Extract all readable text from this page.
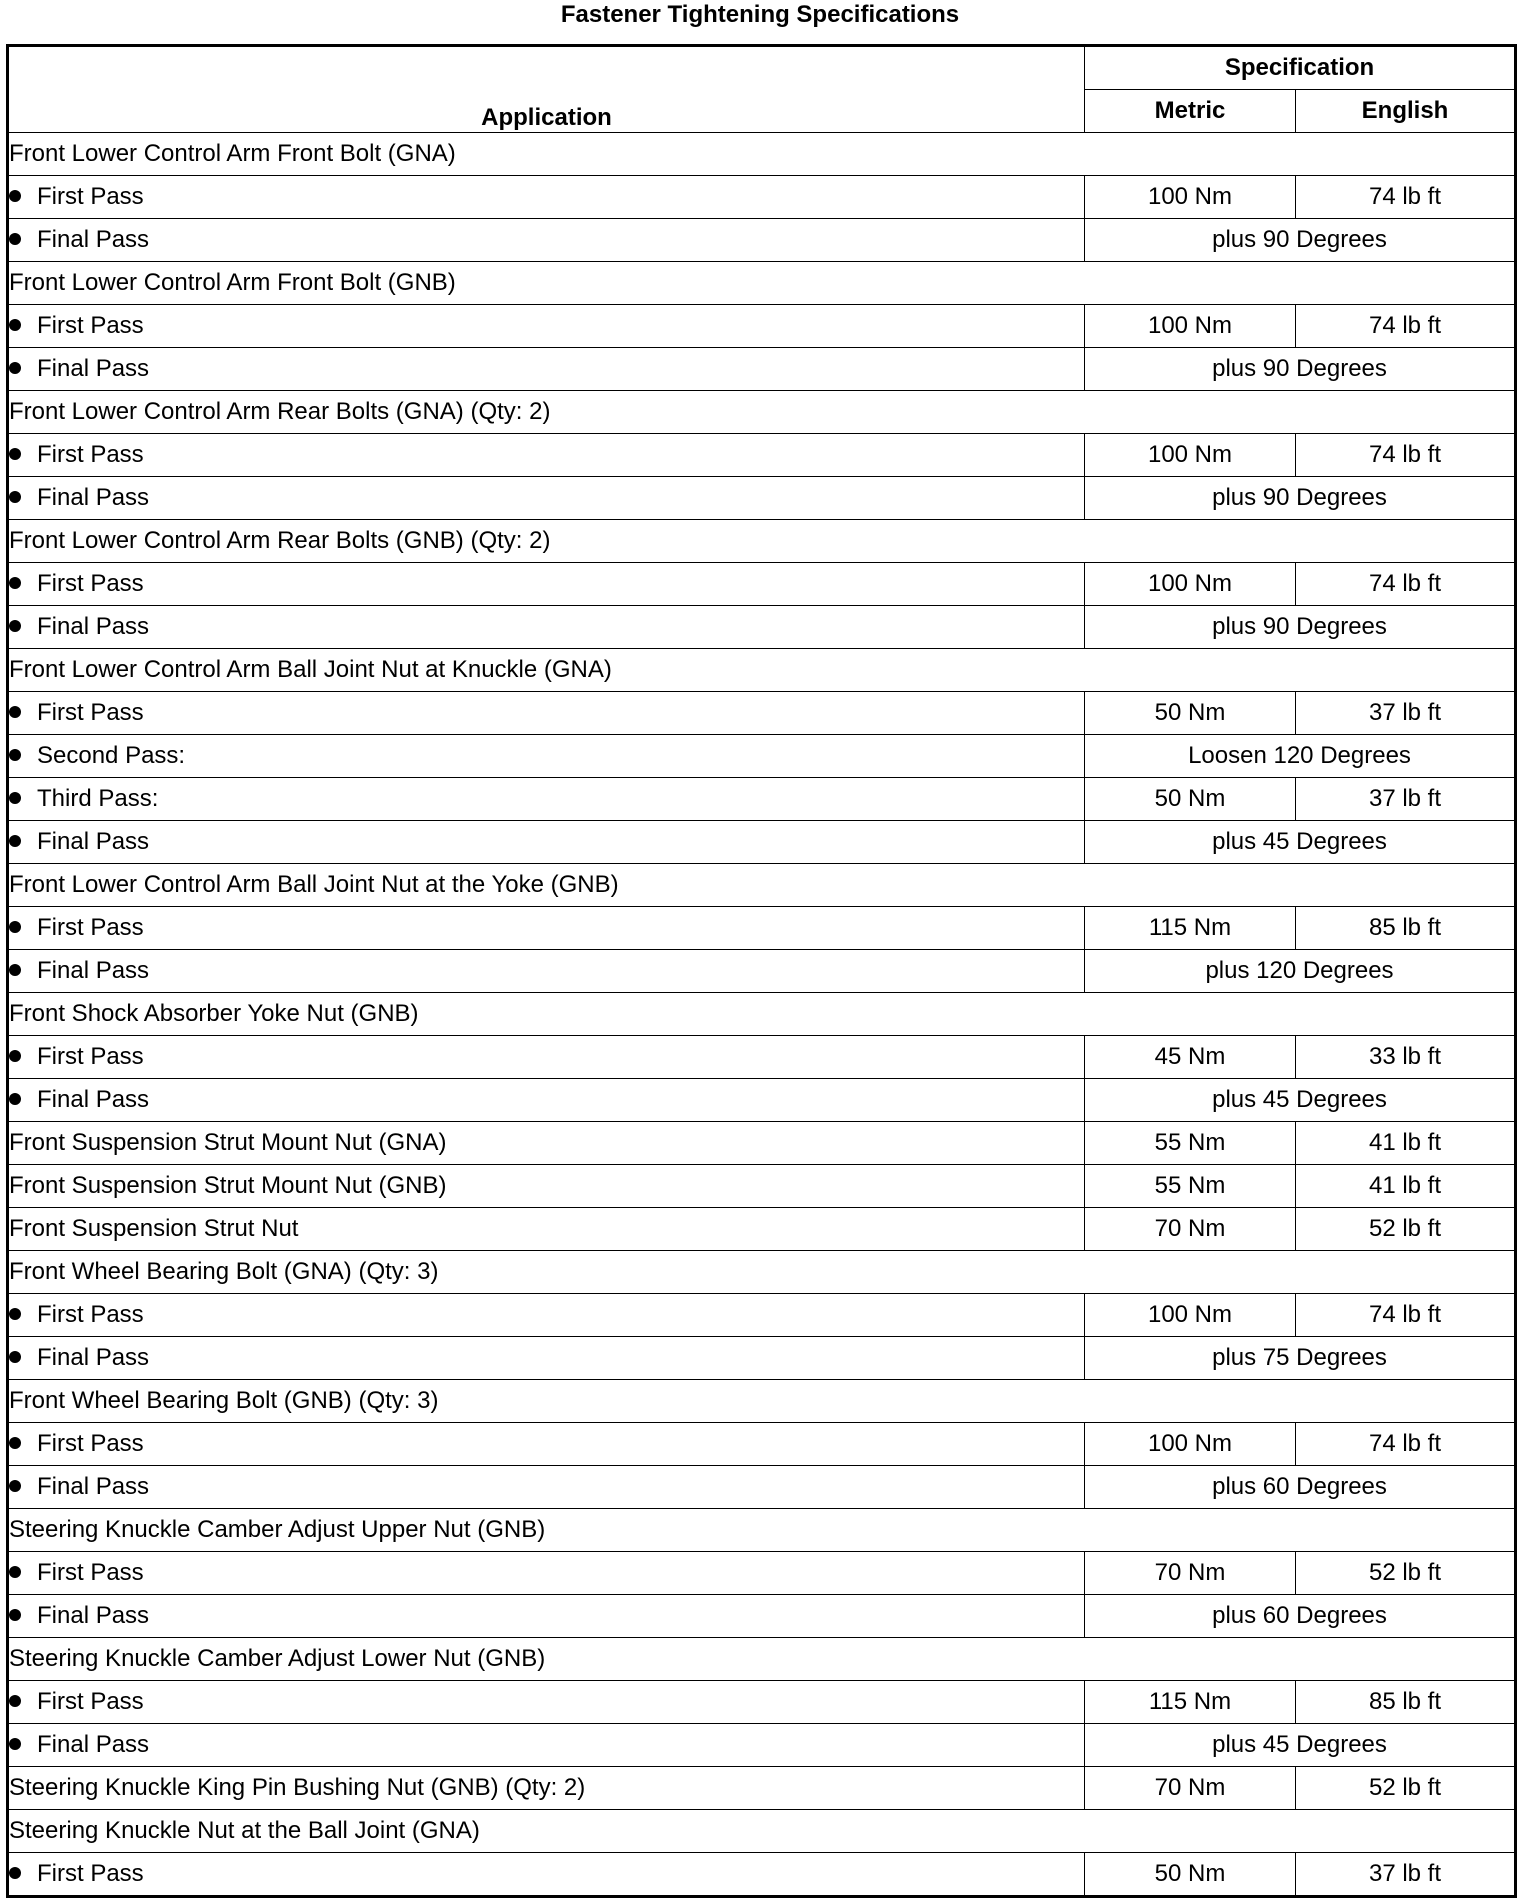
Fastener Tightening Specifications
Application	Specification	
	Metric	English
Front Lower Control Arm Front Bolt (GNA)		
First Pass	100 Nm	74 lb ft
Final Pass	plus 90 Degrees	
Front Lower Control Arm Front Bolt (GNB)		
First Pass	100 Nm	74 lb ft
Final Pass	plus 90 Degrees	
Front Lower Control Arm Rear Bolts (GNA) (Qty: 2)		
First Pass	100 Nm	74 lb ft
Final Pass	plus 90 Degrees	
Front Lower Control Arm Rear Bolts (GNB) (Qty: 2)		
First Pass	100 Nm	74 lb ft
Final Pass	plus 90 Degrees	
Front Lower Control Arm Ball Joint Nut at Knuckle (GNA)		
First Pass	50 Nm	37 lb ft
Second Pass:	Loosen 120 Degrees	
Third Pass:	50 Nm	37 lb ft
Final Pass	plus 45 Degrees	
Front Lower Control Arm Ball Joint Nut at the Yoke (GNB)		
First Pass	115 Nm	85 lb ft
Final Pass	plus 120 Degrees	
Front Shock Absorber Yoke Nut (GNB)		
First Pass	45 Nm	33 lb ft
Final Pass	plus 45 Degrees	
Front Suspension Strut Mount Nut (GNA)	55 Nm	41 lb ft
Front Suspension Strut Mount Nut (GNB)	55 Nm	41 lb ft
Front Suspension Strut Nut	70 Nm	52 lb ft
Front Wheel Bearing Bolt (GNA) (Qty: 3)		
First Pass	100 Nm	74 lb ft
Final Pass	plus 75 Degrees	
Front Wheel Bearing Bolt (GNB) (Qty: 3)		
First Pass	100 Nm	74 lb ft
Final Pass	plus 60 Degrees	
Steering Knuckle Camber Adjust Upper Nut (GNB)		
First Pass	70 Nm	52 lb ft
Final Pass	plus 60 Degrees	
Steering Knuckle Camber Adjust Lower Nut (GNB)		
First Pass	115 Nm	85 lb ft
Final Pass	plus 45 Degrees	
Steering Knuckle King Pin Bushing Nut (GNB) (Qty: 2)	70 Nm	52 lb ft
Steering Knuckle Nut at the Ball Joint (GNA)		
First Pass	50 Nm	37 lb ft
